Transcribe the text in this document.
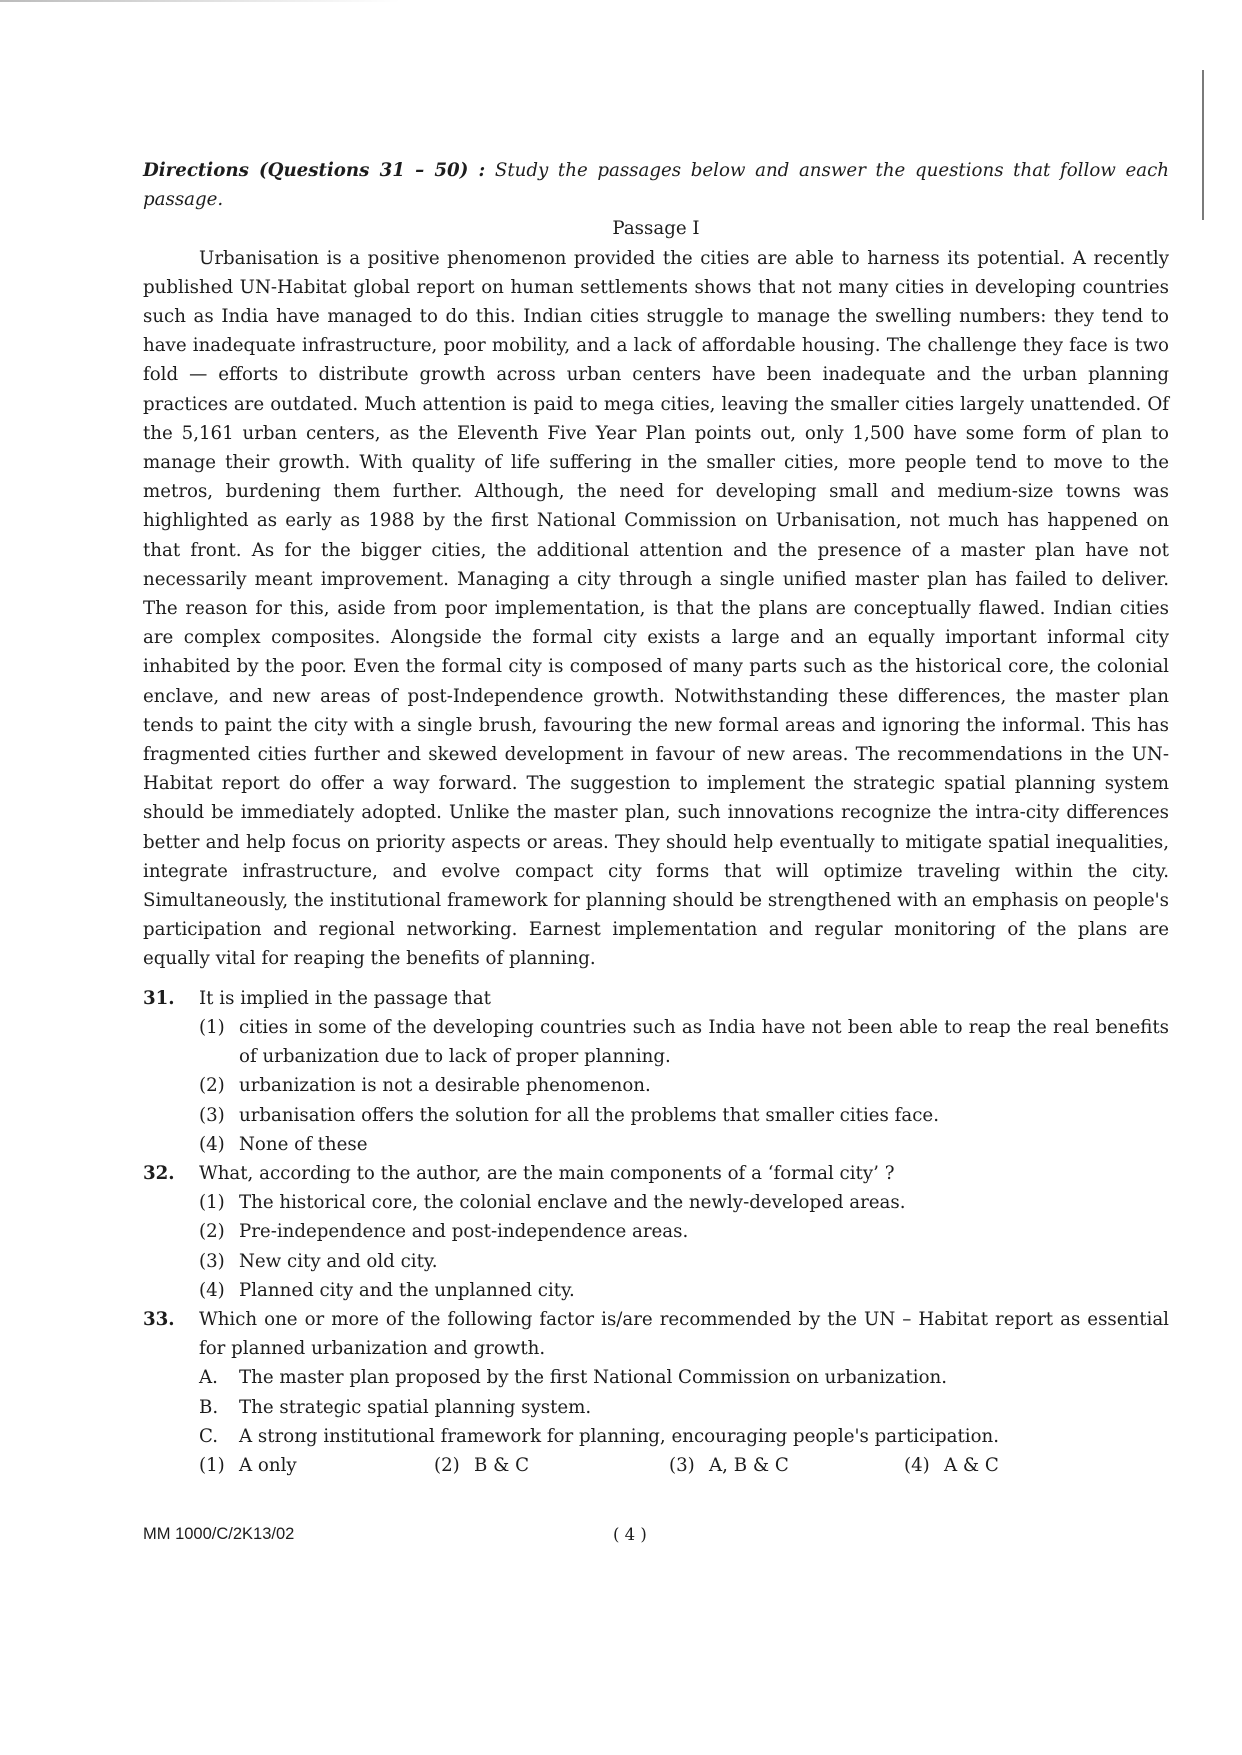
Directions (Questions 31 – 50) : Study the passages below and answer the questions that follow each passage.

Passage I

Urbanisation is a positive phenomenon provided the cities are able to harness its potential. A recently published UN-Habitat global report on human settlements shows that not many cities in developing countries such as India have managed to do this. Indian cities struggle to manage the swelling numbers: they tend to have inadequate infrastructure, poor mobility, and a lack of affordable housing. The challenge they face is two fold — efforts to distribute growth across urban centers have been inadequate and the urban planning practices are outdated. Much attention is paid to mega cities, leaving the smaller cities largely unattended. Of the 5,161 urban centers, as the Eleventh Five Year Plan points out, only 1,500 have some form of plan to manage their growth. With quality of life suffering in the smaller cities, more people tend to move to the metros, burdening them further. Although, the need for developing small and medium-size towns was highlighted as early as 1988 by the first National Commission on Urbanisation, not much has happened on that front. As for the bigger cities, the additional attention and the presence of a master plan have not necessarily meant improvement. Managing a city through a single unified master plan has failed to deliver. The reason for this, aside from poor implementation, is that the plans are conceptually flawed. Indian cities are complex composites. Alongside the formal city exists a large and an equally important informal city inhabited by the poor. Even the formal city is composed of many parts such as the historical core, the colonial enclave, and new areas of post-Independence growth. Notwithstanding these differences, the master plan tends to paint the city with a single brush, favouring the new formal areas and ignoring the informal. This has fragmented cities further and skewed development in favour of new areas. The recommendations in the UN-Habitat report do offer a way forward. The suggestion to implement the strategic spatial planning system should be immediately adopted. Unlike the master plan, such innovations recognize the intra-city differences better and help focus on priority aspects or areas. They should help eventually to mitigate spatial inequalities, integrate infrastructure, and evolve compact city forms that will optimize traveling within the city. Simultaneously, the institutional framework for planning should be strengthened with an emphasis on people's participation and regional networking. Earnest implementation and regular monitoring of the plans are equally vital for reaping the benefits of planning.

31.	It is implied in the passage that
(1) cities in some of the developing countries such as India have not been able to reap the real benefits of urbanization due to lack of proper planning.
(2) urbanization is not a desirable phenomenon.
(3) urbanisation offers the solution for all the problems that smaller cities face.
(4) None of these
32.	What, according to the author, are the main components of a ‘formal city’ ?
(1) The historical core, the colonial enclave and the newly-developed areas.
(2) Pre-independence and post-independence areas.
(3) New city and old city.
(4) Planned city and the unplanned city.
33.	Which one or more of the following factor is/are recommended by the UN – Habitat report as essential for planned urbanization and growth.
A.	The master plan proposed by the first National Commission on urbanization.
B.	The strategic spatial planning system.
C.	A strong institutional framework for planning, encouraging people's participation.
(1) A only	(2) B & C	(3) A, B & C	(4) A & C
MM 1000/C/2K13/02	( 4 )
